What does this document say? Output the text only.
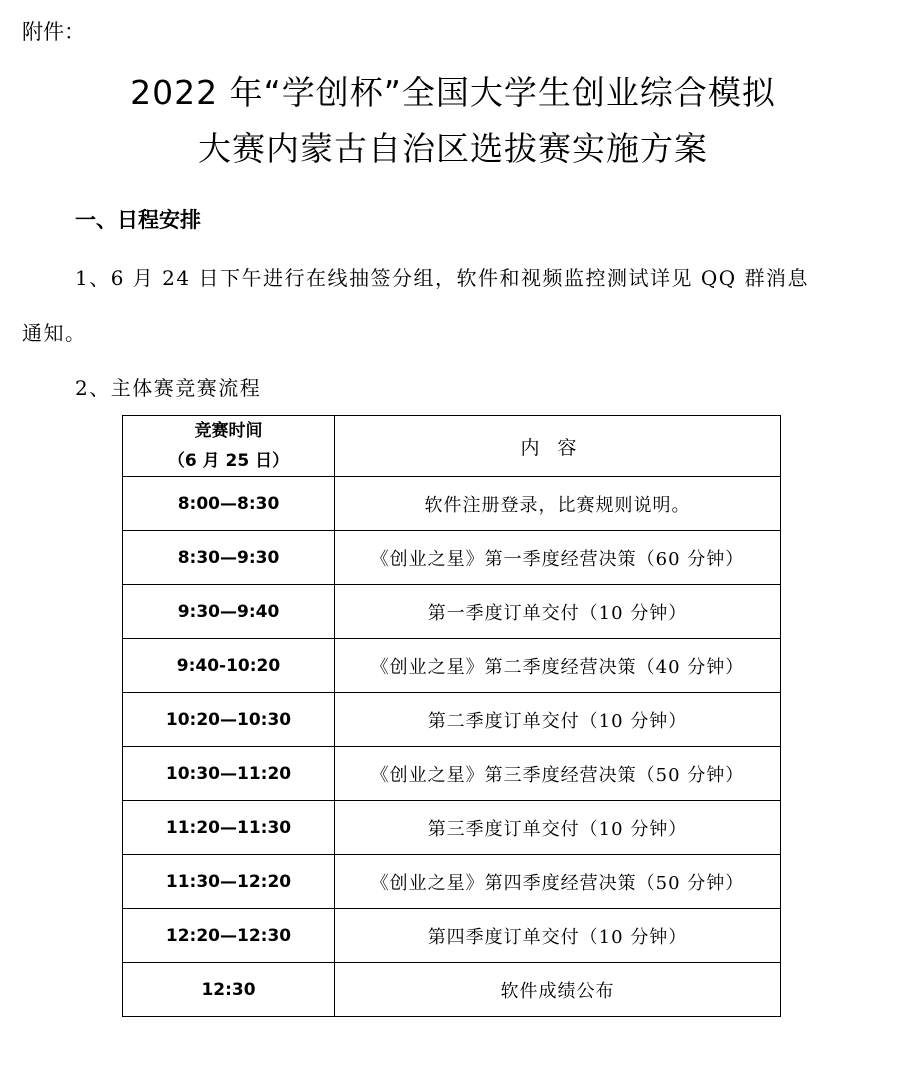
附件：
2022 年“学创杯”全国大学生创业综合模拟
大赛内蒙古自治区选拔赛实施方案
一、日程安排
1、6 月 24 日下午进行在线抽签分组，软件和视频监控测试详见 QQ 群消息
通知。
2、主体赛竞赛流程
竞赛时间
（6 月 25 日）	内容
8:00—8:30	软件注册登录，比赛规则说明。
8:30—9:30	《创业之星》第一季度经营决策（60 分钟）
9:30—9:40	第一季度订单交付（10 分钟）
9:40-10:20	《创业之星》第二季度经营决策（40 分钟）
10:20—10:30	第二季度订单交付（10 分钟）
10:30—11:20	《创业之星》第三季度经营决策（50 分钟）
11:20—11:30	第三季度订单交付（10 分钟）
11:30—12:20	《创业之星》第四季度经营决策（50 分钟）
12:20—12:30	第四季度订单交付（10 分钟）
12:30	软件成绩公布
